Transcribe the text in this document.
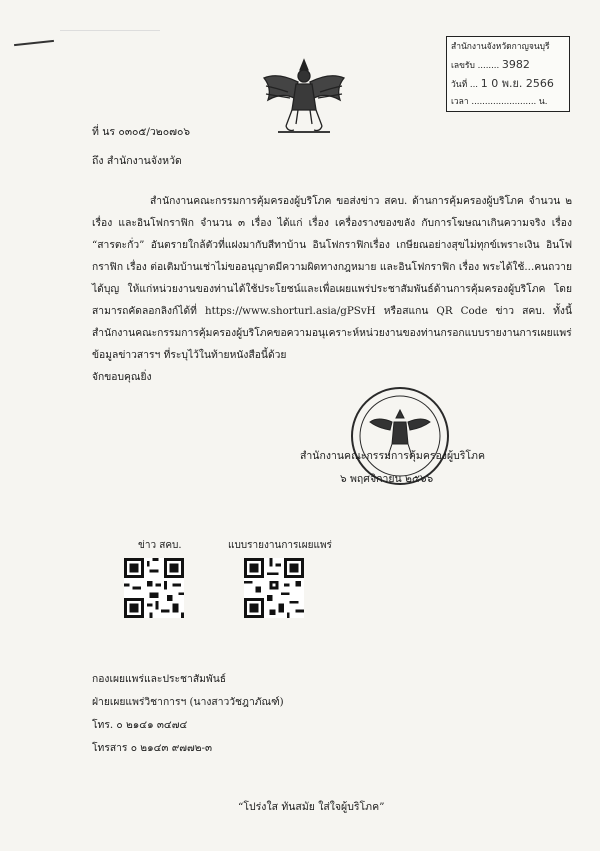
สำนักงานจังหวัดกาญจนบุรี
เลขรับ ........ 3982
วันที่ ... 1 0 พ.ย. 2566
เวลา ........................ น.
ที่ นร ๐๓๐๕/ว๒๐๗๐๖
ถึง สำนักงานจังหวัด

สำนักงานคณะกรรมการคุ้มครองผู้บริโภค ขอส่งข่าว สคบ. ด้านการคุ้มครองผู้บริโภค จำนวน ๒ เรื่อง และอินโฟกราฟิก จำนวน ๓ เรื่อง ได้แก่ เรื่อง เครื่องรางของขลัง กับการโฆษณาเกินความจริง เรื่อง “สารตะกั่ว” อันตรายใกล้ตัวที่แฝงมากับสีทาบ้าน อินโฟกราฟิกเรื่อง เกษียณอย่างสุขไม่ทุกข์เพราะเงิน อินโฟกราฟิก เรื่อง ต่อเติมบ้านเช่าไม่ขออนุญาตมีความผิดทางกฎหมาย และอินโฟกราฟิก เรื่อง พระได้ใช้...คนถวายได้บุญ ให้แก่หน่วยงานของท่านได้ใช้ประโยชน์และเพื่อเผยแพร่ประชาสัมพันธ์ด้านการคุ้มครองผู้บริโภค โดยสามารถคัดลอกลิงก์ได้ที่ https://www.shorturl.asia/gPSvH หรือสแกน QR Code ข่าว สคบ. ทั้งนี้ สำนักงานคณะกรรมการคุ้มครองผู้บริโภคขอความอนุเคราะห์หน่วยงานของท่านกรอกแบบรายงานการเผยแพร่ข้อมูลข่าวสารฯ ที่ระบุไว้ในท้ายหนังสือนี้ด้วย

จักขอบคุณยิ่ง

สำนักงานคณะกรรมการคุ้มครองผู้บริโภค
๖ พฤศจิกายน ๒๕๖๖
ข่าว สคบ.	แบบรายงานการเผยแพร่
กองเผยแพร่และประชาสัมพันธ์
ฝ่ายเผยแพร่วิชาการฯ (นางสาววัชฎาภัณฑ์)
โทร. ๐ ๒๑๔๑ ๓๔๗๔
โทรสาร ๐ ๒๑๔๓ ๙๗๗๒-๓
“โปร่งใส ทันสมัย ใส่ใจผู้บริโภค”
